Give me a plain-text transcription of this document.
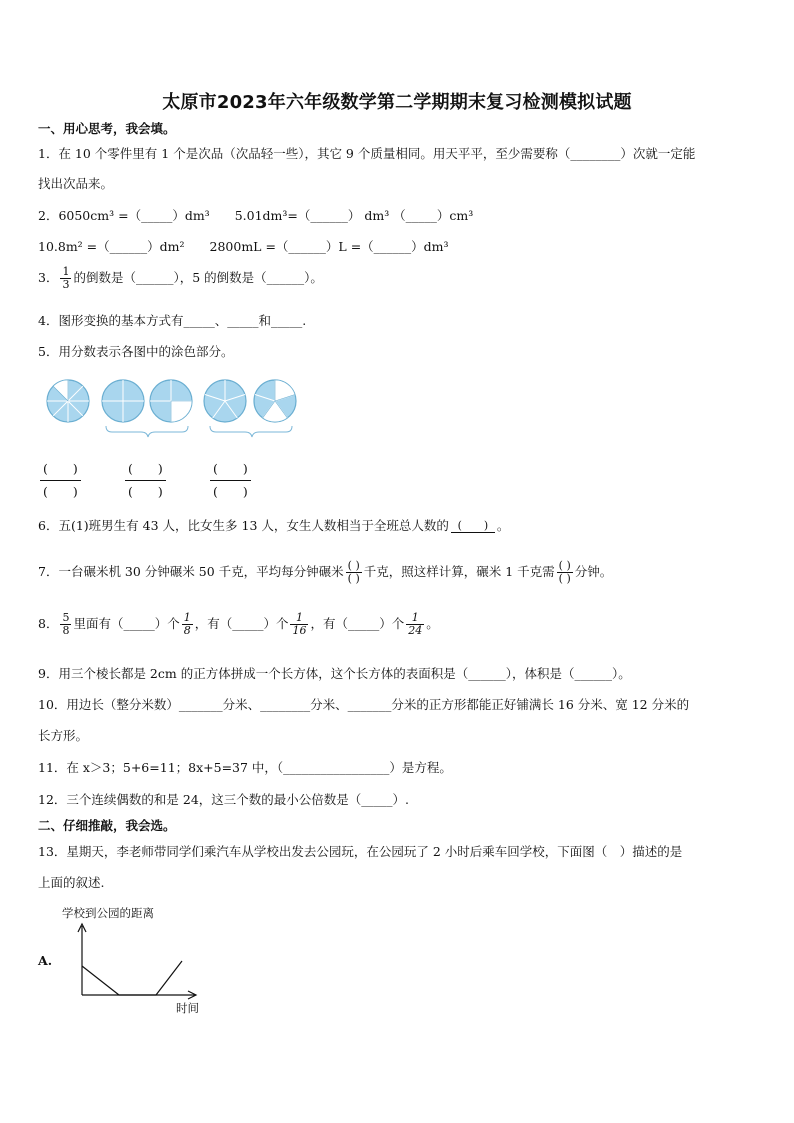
太原市2023年六年级数学第二学期期末复习检测模拟试题
一、用心思考，我会填。
1．在 10 个零件里有 1 个是次品（次品轻一些），其它 9 个质量相同。用天平平，至少需要称（________）次就一定能
找出次品来。
2．6050cm³ =（_____）dm³　　5.01dm³=（______） dm³ （_____）cm³
10.8m² =（______）dm²　　2800mL =（______）L =（______）dm³
3． $\frac{1}{3}$ 的倒数是（______），5 的倒数是（______）。
4．图形变换的基本方式有_____、_____和_____.
5．用分数表示各图中的涂色部分。
(　　)
(　　)
(　　)
(　　)
(　　)
(　　)
6．五(1)班男生有 43 人，比女生多 13 人，女生人数相当于全班总人数的 (　　) 。
7．一台碾米机 30 分钟碾米 50 千克，平均每分钟碾米 $\frac{( )}{( )}$ 千克，照这样计算，碾米 1 千克需 $\frac{( )}{( )}$ 分钟。
8． $\frac{5}{8}$ 里面有（_____）个 $\frac{1}{8}$ ，有（_____）个 $\frac{1}{16}$ ，有（_____）个 $\frac{1}{24}$ 。
9．用三个棱长都是 2cm 的正方体拼成一个长方体，这个长方体的表面积是（______），体积是（______）。
10．用边长（整分米数）_______分米、________分米、_______分米的正方形都能正好铺满长 16 分米、宽 12 分米的
长方形。
11．在 x＞3；5+6=11；8x+5=37 中，（_________________）是方程。
12．三个连续偶数的和是 24，这三个数的最小公倍数是（_____）.
二、仔细推敲，我会选。
13．星期天，李老师带同学们乘汽车从学校出发去公园玩，在公园玩了 2 小时后乘车回学校，下面图（　）描述的是
上面的叙述.
A.
学校到公园的距离
时间
